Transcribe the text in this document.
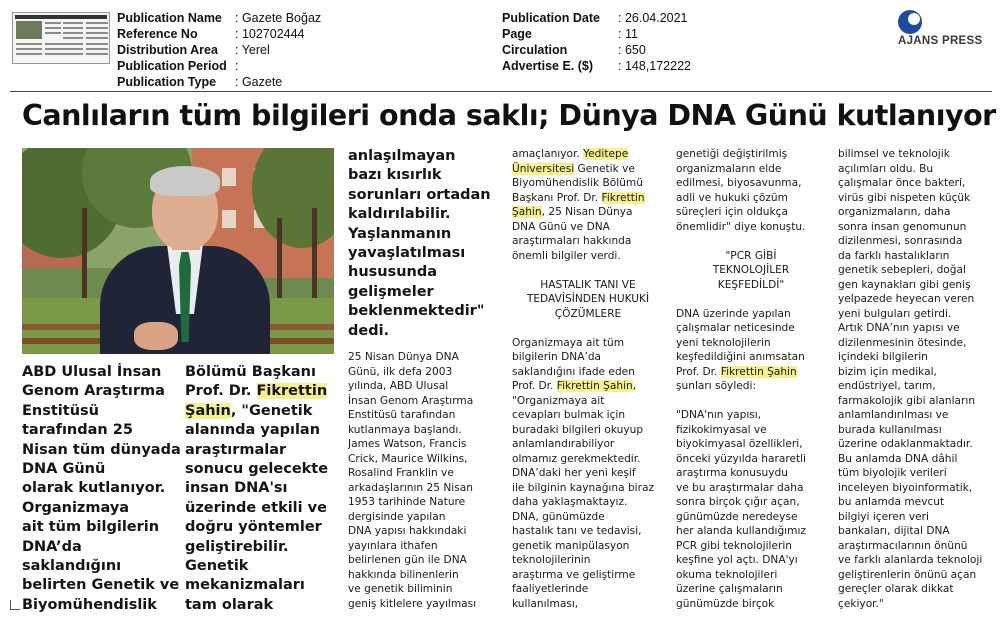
Publication Name : Gazete Boğaz
Reference No	: 102702444
Distribution Area : Yerel
Publication Period :
Publication Type : Gazete
Publication Date : 26.04.2021
Page	: 11
Circulation	: 650
Advertise E. ($) : 148,172222
AJANS PRESS
Canlıların tüm bilgileri onda saklı; Dünya DNA Günü kutlanıyor
ABD Ulusal İnsan
Genom Araştırma
Enstitüsü
tarafından 25
Nisan tüm dünyada
DNA Günü
olarak kutlanıyor.
Organizmaya
ait tüm bilgilerin
DNA’da
saklandığını
belirten Genetik ve
Biyomühendislik
Bölümü Başkanı
Prof. Dr. Fikrettin
Şahin, "Genetik
alanında yapılan
araştırmalar
sonucu gelecekte
insan DNA'sı
üzerinde etkili ve
doğru yöntemler
geliştirebilir.
Genetik
mekanizmaları
tam olarak
anlaşılmayan
bazı kısırlık
sorunları ortadan
kaldırılabilir.
Yaşlanmanın
yavaşlatılması
hususunda
gelişmeler
beklenmektedir"
dedi.
25 Nisan Dünya DNA
Günü, ilk defa 2003
yılında, ABD Ulusal
İnsan Genom Araştırma
Enstitüsü tarafından
kutlanmaya başlandı.
James Watson, Francis
Crick, Maurice Wilkins,
Rosalind Franklin ve
arkadaşlarının 25 Nisan
1953 tarihinde Nature
dergisinde yapılan
DNA yapısı hakkındaki
yayınlara ithafen
belirlenen gün ile DNA
hakkında bilinenlerin
ve genetik biliminin
geniş kitlelere yayılması
amaçlanıyor. Yeditepe
Üniversitesi Genetik ve
Biyomühendislik Bölümü
Başkanı Prof. Dr. Fikrettin
Şahin, 25 Nisan Dünya
DNA Günü ve DNA
araştırmaları hakkında
önemli bilgiler verdi.

HASTALIK TANI VE
TEDAVİSİNDEN HUKUKİ
ÇÖZÜMLERE

Organizmaya ait tüm
bilgilerin DNA’da
saklandığını ifade eden
Prof. Dr. Fikrettin Şahin,
"Organizmaya ait
cevapları bulmak için
buradaki bilgileri okuyup
anlamlandırabiliyor
olmamız gerekmektedir.
DNA’daki her yeni keşif
ile bilginin kaynağına biraz
daha yaklaşmaktayız.
DNA, günümüzde
hastalık tanı ve tedavisi,
genetik manipülasyon
teknolojilerinin
araştırma ve geliştirme
faaliyetlerinde
kullanılması,
genetiği değiştirilmiş
organizmaların elde
edilmesi, biyosavunma,
adli ve hukuki çözüm
süreçleri için oldukça
önemlidir" diye konuştu.

"PCR GİBİ
TEKNOLOJİLER
KEŞFEDİLDİ"

DNA üzerinde yapılan
çalışmalar neticesinde
yeni teknolojilerin
keşfedildiğini anımsatan
Prof. Dr. Fikrettin Şahin
şunları söyledi:

"DNA'nın yapısı,
fizikokimyasal ve
biyokimyasal özellikleri,
önceki yüzyılda hararetli
araştırma konusuydu
ve bu araştırmalar daha
sonra birçok çığır açan,
günümüzde neredeyse
her alanda kullandığımız
PCR gibi teknolojilerin
keşfine yol açtı. DNA'yı
okuma teknolojileri
üzerine çalışmaların
günümüzde birçok
bilimsel ve teknolojik
açılımları oldu. Bu
çalışmalar önce bakteri,
virüs gibi nispeten küçük
organizmaların, daha
sonra insan genomunun
dizilenmesi, sonrasında
da farklı hastalıkların
genetik sebepleri, doğal
gen kaynakları gibi geniş
yelpazede heyecan veren
yeni bulguları getirdi.
Artık DNA’nın yapısı ve
dizilenmesinin ötesinde,
içindeki bilgilerin
bizim için medikal,
endüstriyel, tarım,
farmakolojik gibi alanların
anlamlandırılması ve
burada kullanılması
üzerine odaklanmaktadır.
Bu anlamda DNA dâhil
tüm biyolojik verileri
inceleyen biyoinformatik,
bu anlamda mevcut
bilgiyi içeren veri
bankaları, dijital DNA
araştırmacılarının önünü
ve farklı alanlarda teknoloji
geliştirenlerin önünü açan
gereçler olarak dikkat
çekiyor."
